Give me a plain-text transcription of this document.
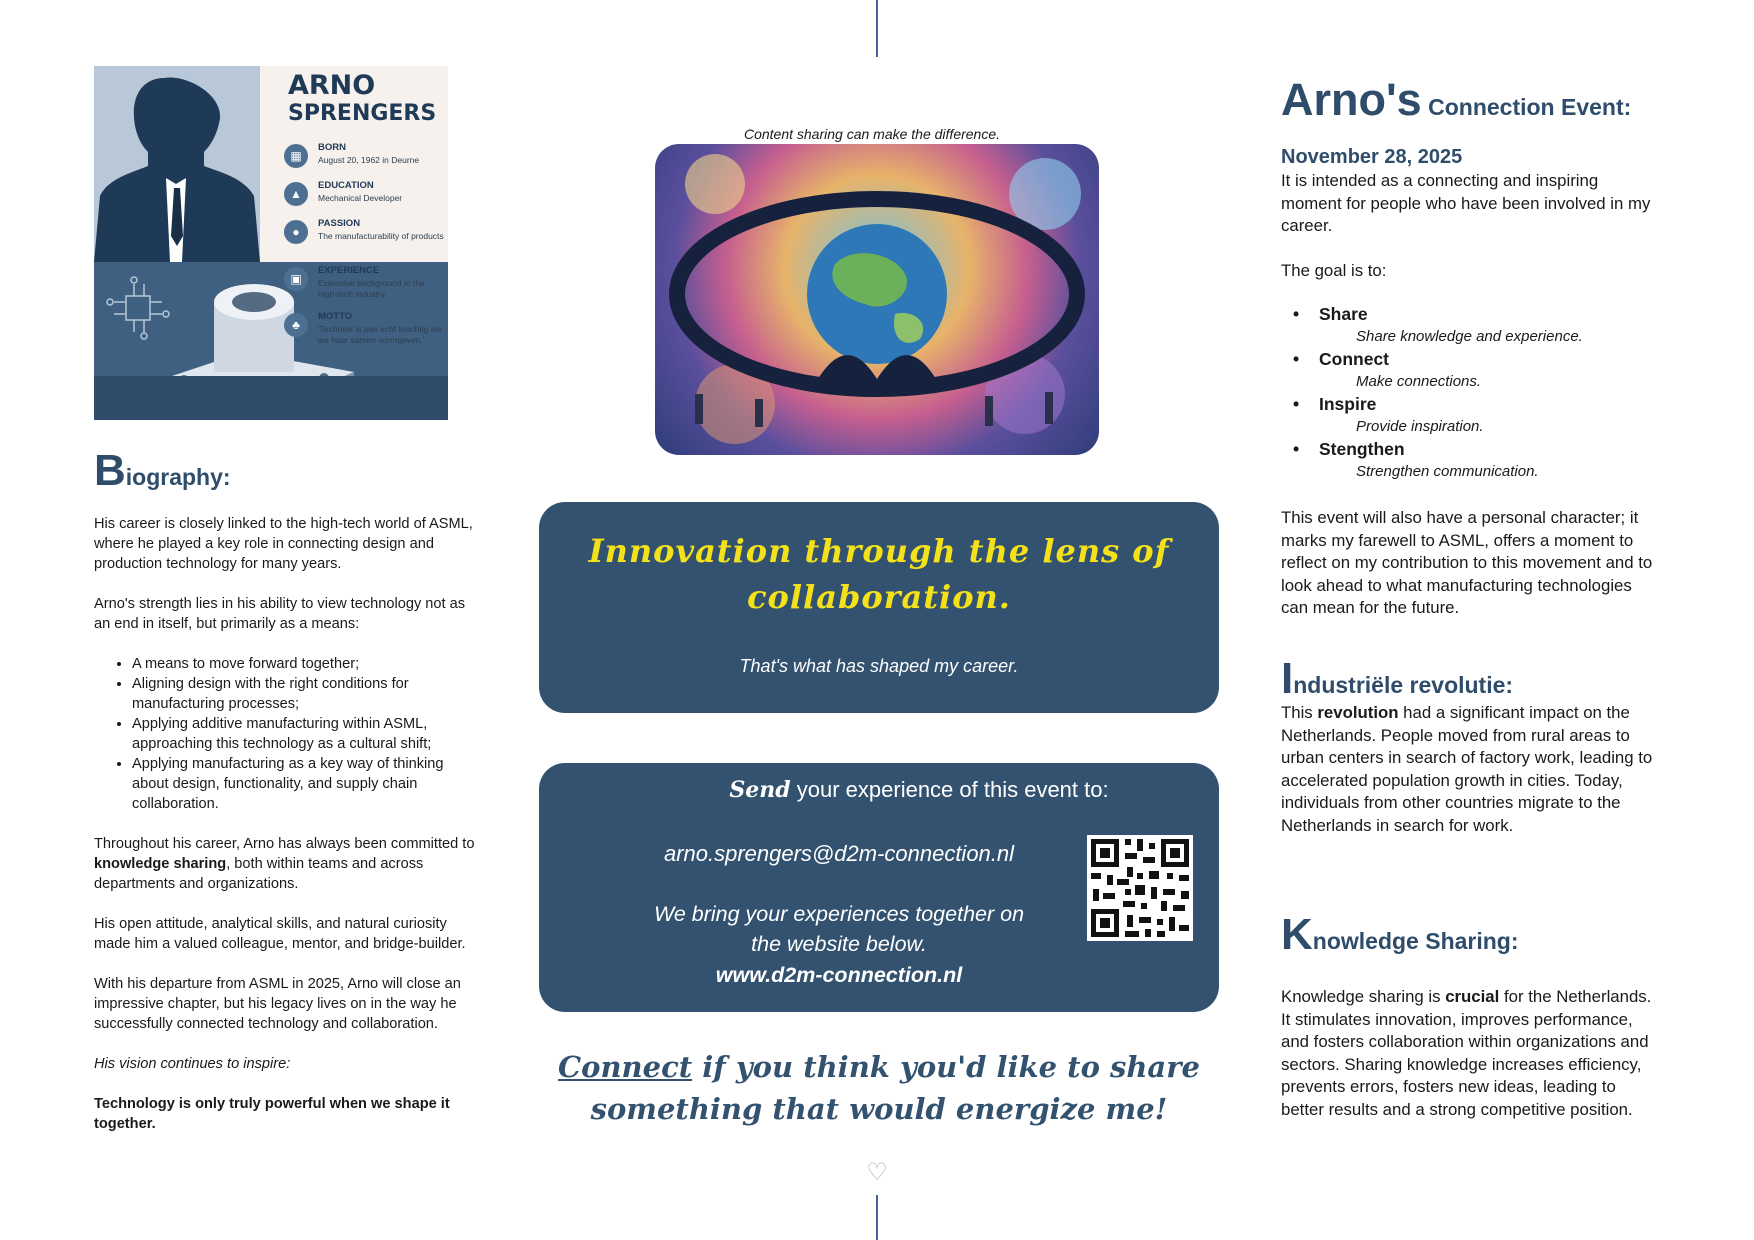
ARNO
SPRENGERS
▦
BORN
August 20, 1962 in Deurne
▲
EDUCATION
Mechanical Developer
●
PASSION
The manufacturability of products
▣
EXPERIENCE
Extensive background in the high-tech industry
♣
MOTTO
'Techniek is pas echt krachtig als we haar samen vormgeven.'
Biography:

His career is closely linked to the high-tech world of ASML, where he played a key role in connecting design and production technology for many years.

Arno's strength lies in his ability to view technology not as an end in itself, but primarily as a means:

• A means to move forward together;
• Aligning design with the right conditions for manufacturing processes;
• Applying additive manufacturing within ASML, approaching this technology as a cultural shift;
• Applying manufacturing as a key way of thinking about design, functionality, and supply chain collaboration.

Throughout his career, Arno has always been committed to knowledge sharing, both within teams and across departments and organizations.

His open attitude, analytical skills, and natural curiosity made him a valued colleague, mentor, and bridge-builder.

With his departure from ASML in 2025, Arno will close an impressive chapter, but his legacy lives on in the way he successfully connected technology and collaboration.

His vision continues to inspire:

Technology is only truly powerful when we shape it together.

Content sharing can make the difference.
Innovation through the lens of collaboration.
That's what has shaped my career.
Send your experience of this event to:
arno.sprengers@d2m-connection.nl
We bring your experiences together on the website below.
www.d2m-connection.nl
Connect if you think you'd like to share something that would energize me!
♡
Arno's Connection Event:
November 28, 2025

It is intended as a connecting and inspiring moment for people who have been involved in my career.

The goal is to:

• Share
Share knowledge and experience.
• Connect
Make connections.
• Inspire
Provide inspiration.
• Stengthen
Strengthen communication.
This event will also have a personal character; it marks my farewell to ASML, offers a moment to reflect on my contribution to this movement and to look ahead to what manufacturing technologies can mean for the future.
Industriële revolutie:
This revolution had a significant impact on the Netherlands. People moved from rural areas to urban centers in search of factory work, leading to accelerated population growth in cities. Today, individuals from other countries migrate to the Netherlands in search for work.
Knowledge Sharing:
Knowledge sharing is crucial for the Netherlands. It stimulates innovation, improves performance, and fosters collaboration within organizations and sectors. Sharing knowledge increases efficiency, prevents errors, fosters new ideas, leading to better results and a strong competitive position.
